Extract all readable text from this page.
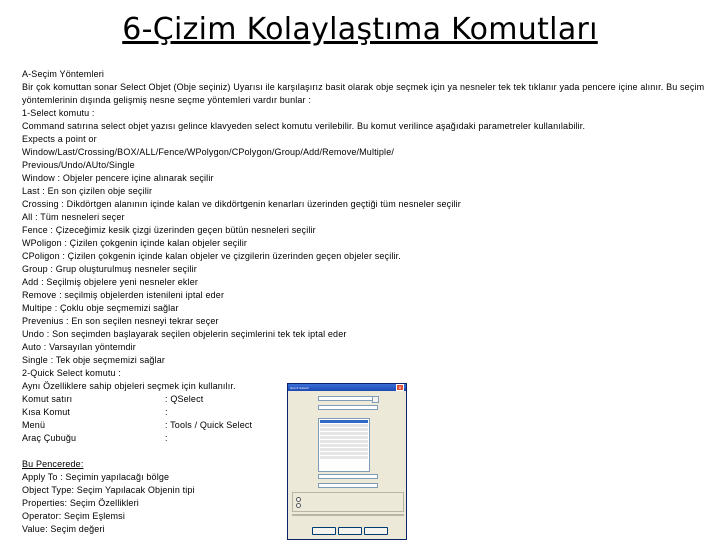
6-Çizim Kolaylaştıma Komutları
A-Seçim Yöntemleri
Bir çok komuttan sonar Select Objet (Obje seçiniz) Uyarısı ile karşılaşırız basit olarak obje seçmek için ya nesneler tek tek tıklanır yada pencere içine alınır. Bu seçim yöntemlerinin dışında gelişmiş nesne seçme yöntemleri vardır bunlar :
1-Select komutu :
Command satırına select objet yazısı gelince klavyeden select komutu verilebilir. Bu komut verilince aşağıdaki parametreler kullanılabilir.
Expects a point or
Window/Last/Crossing/BOX/ALL/Fence/WPolygon/CPolygon/Group/Add/Remove/Multiple/
Previous/Undo/AUto/Single
Window : Objeler pencere içine alınarak seçilir
Last : En son çizilen obje seçilir
Crossing : Dikdörtgen alanının içinde kalan ve dikdörtgenin kenarları üzerinden geçtiği tüm nesneler seçilir
All : Tüm nesneleri seçer
Fence : Çizeceğimiz kesik çizgi üzerinden geçen bütün nesneleri seçilir
WPoligon : Çizilen çokgenin içinde kalan objeler seçilir
CPoligon : Çizilen çokgenin içinde kalan objeler ve çizgilerin üzerinden geçen objeler seçilir.
Group : Grup oluşturulmuş nesneler seçilir
Add : Seçilmiş objelere yeni nesneler ekler
Remove : seçilmiş objelerden istenileni iptal eder
Multipe : Çoklu obje seçmemizi sağlar
Prevenius : En son seçilen nesneyi tekrar seçer
Undo : Son seçimden başlayarak seçilen objelerin seçimlerini tek tek iptal eder
Auto : Varsayılan yöntemdir
Single : Tek obje seçmemizi sağlar
2-Quick Select komutu :
Aynı Özelliklere sahip objeleri seçmek için kullanılır.
Komut satırı	: QSelect
Kısa Komut	:
Menü	: Tools / Quick Select
Araç Çubuğu	:
Bu Pencerede:
Apply To : Seçimin yapılacağı bölge
Object Type: Seçim Yapılacak Objenin tipi
Properties: Seçim Özellikleri
Operator: Seçim Eşlemsi
Value: Seçim değeri
Quick Select	×
